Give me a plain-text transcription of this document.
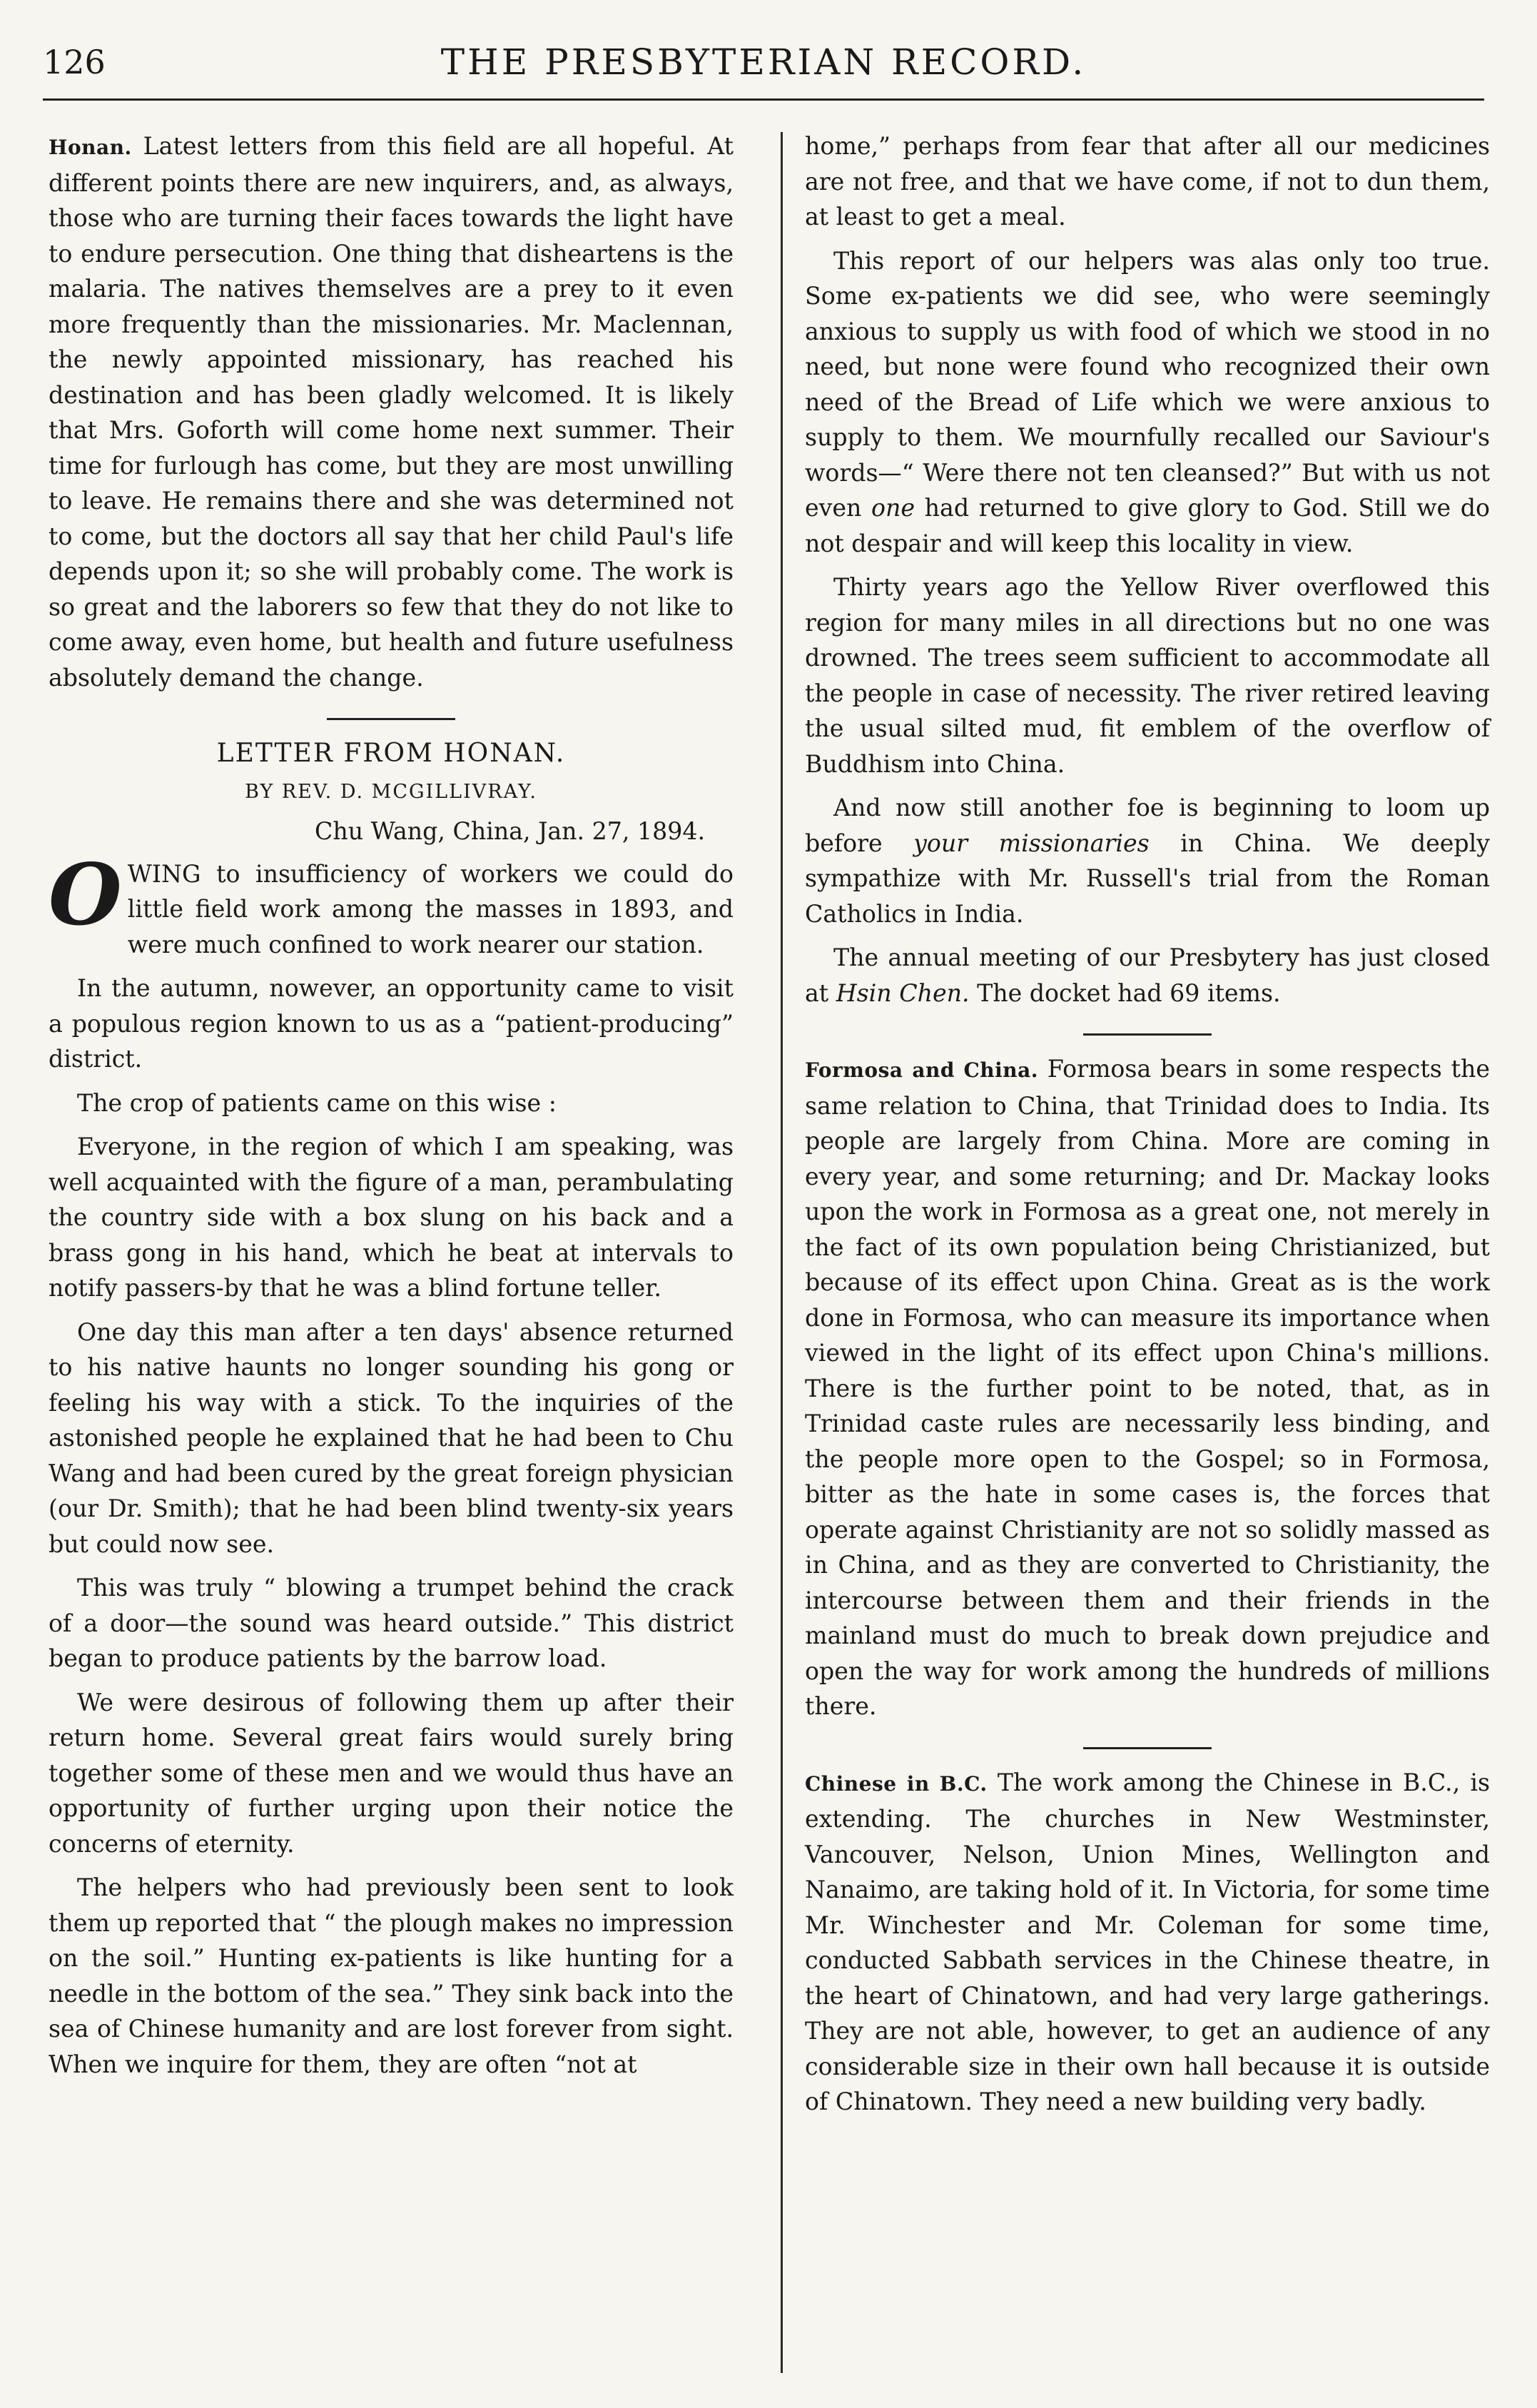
126	THE PRESBYTERIAN RECORD.

Honan. Latest letters from this field are all hopeful. At different points there are new inquirers, and, as always, those who are turning their faces towards the light have to endure persecution. One thing that disheartens is the malaria. The natives themselves are a prey to it even more frequently than the missionaries. Mr. Maclennan, the newly appointed missionary, has reached his destination and has been gladly welcomed. It is likely that Mrs. Goforth will come home next summer. Their time for furlough has come, but they are most unwilling to leave. He remains there and she was determined not to come, but the doctors all say that her child Paul's life depends upon it; so she will probably come. The work is so great and the laborers so few that they do not like to come away, even home, but health and future usefulness absolutely demand the change.

LETTER FROM HONAN.
BY REV. D. MCGILLIVRAY.
Chu Wang, China, Jan. 27, 1894.

OWING to insufficiency of workers we could do little field work among the masses in 1893, and were much confined to work nearer our station.

In the autumn, nowever, an opportunity came to visit a populous region known to us as a “patient-producing” district.

The crop of patients came on this wise :

Everyone, in the region of which I am speaking, was well acquainted with the figure of a man, perambulating the country side with a box slung on his back and a brass gong in his hand, which he beat at intervals to notify passers-by that he was a blind fortune teller.

One day this man after a ten days' absence returned to his native haunts no longer sounding his gong or feeling his way with a stick. To the inquiries of the astonished people he explained that he had been to Chu Wang and had been cured by the great foreign physician (our Dr. Smith); that he had been blind twenty-six years but could now see.

This was truly “ blowing a trumpet behind the crack of a door—the sound was heard outside.” This district began to produce patients by the barrow load.

We were desirous of following them up after their return home. Several great fairs would surely bring together some of these men and we would thus have an opportunity of further urging upon their notice the concerns of eternity.

The helpers who had previously been sent to look them up reported that “ the plough makes no impression on the soil.” Hunting ex-patients is like hunting for a needle in the bottom of the sea.” They sink back into the sea of Chinese humanity and are lost forever from sight. When we inquire for them, they are often “not at

home,” perhaps from fear that after all our medicines are not free, and that we have come, if not to dun them, at least to get a meal.

This report of our helpers was alas only too true. Some ex-patients we did see, who were seemingly anxious to supply us with food of which we stood in no need, but none were found who recognized their own need of the Bread of Life which we were anxious to supply to them. We mournfully recalled our Saviour's words—“ Were there not ten cleansed?” But with us not even one had returned to give glory to God. Still we do not despair and will keep this locality in view.

Thirty years ago the Yellow River overflowed this region for many miles in all directions but no one was drowned. The trees seem sufficient to accommodate all the people in case of necessity. The river retired leaving the usual silted mud, fit emblem of the overflow of Buddhism into China.

And now still another foe is beginning to loom up before your missionaries in China. We deeply sympathize with Mr. Russell's trial from the Roman Catholics in India.

The annual meeting of our Presbytery has just closed at Hsin Chen. The docket had 69 items.

Formosa and China. Formosa bears in some respects the same relation to China, that Trinidad does to India. Its people are largely from China. More are coming in every year, and some returning; and Dr. Mackay looks upon the work in Formosa as a great one, not merely in the fact of its own population being Christianized, but because of its effect upon China. Great as is the work done in Formosa, who can measure its importance when viewed in the light of its effect upon China's millions. There is the further point to be noted, that, as in Trinidad caste rules are necessarily less binding, and the people more open to the Gospel; so in Formosa, bitter as the hate in some cases is, the forces that operate against Christianity are not so solidly massed as in China, and as they are converted to Christianity, the intercourse between them and their friends in the mainland must do much to break down prejudice and open the way for work among the hundreds of millions there.

Chinese in B.C. The work among the Chinese in B.C., is extending. The churches in New Westminster, Vancouver, Nelson, Union Mines, Wellington and Nanaimo, are taking hold of it. In Victoria, for some time Mr. Winchester and Mr. Coleman for some time, conducted Sabbath services in the Chinese theatre, in the heart of Chinatown, and had very large gatherings. They are not able, however, to get an audience of any considerable size in their own hall because it is outside of Chinatown. They need a new building very badly.
